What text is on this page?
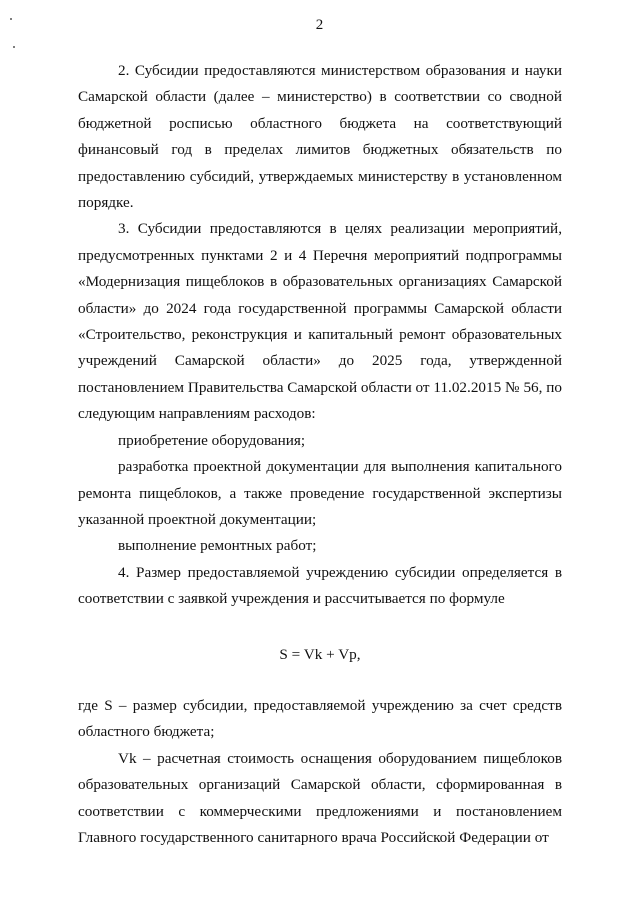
2

2. Субсидии предоставляются министерством образования и науки Самарской области (далее – министерство) в соответствии со сводной бюджетной росписью областного бюджета на соответствующий финансовый год в пределах лимитов бюджетных обязательств по предоставлению субсидий, утверждаемых министерству в установленном порядке.

3. Субсидии предоставляются в целях реализации мероприятий, предусмотренных пунктами 2 и 4 Перечня мероприятий подпрограммы «Модернизация пищеблоков в образовательных организациях Самарской области» до 2024 года государственной программы Самарской области «Строительство, реконструкция и капитальный ремонт образовательных учреждений Самарской области» до 2025 года, утвержденной постановлением Правительства Самарской области от 11.02.2015 № 56, по следующим направлениям расходов:

приобретение оборудования;

разработка проектной документации для выполнения капитального ремонта пищеблоков, а также проведение государственной экспертизы указанной проектной документации;

выполнение ремонтных работ;

4. Размер предоставляемой учреждению субсидии определяется в соответствии с заявкой учреждения и рассчитывается по формуле

S = Vk + Vp,

где S – размер субсидии, предоставляемой учреждению за счет средств областного бюджета;

Vk – расчетная стоимость оснащения оборудованием пищеблоков образовательных организаций Самарской области, сформированная в соответствии с коммерческими предложениями и постановлением Главного государственного санитарного врача Российской Федерации от
